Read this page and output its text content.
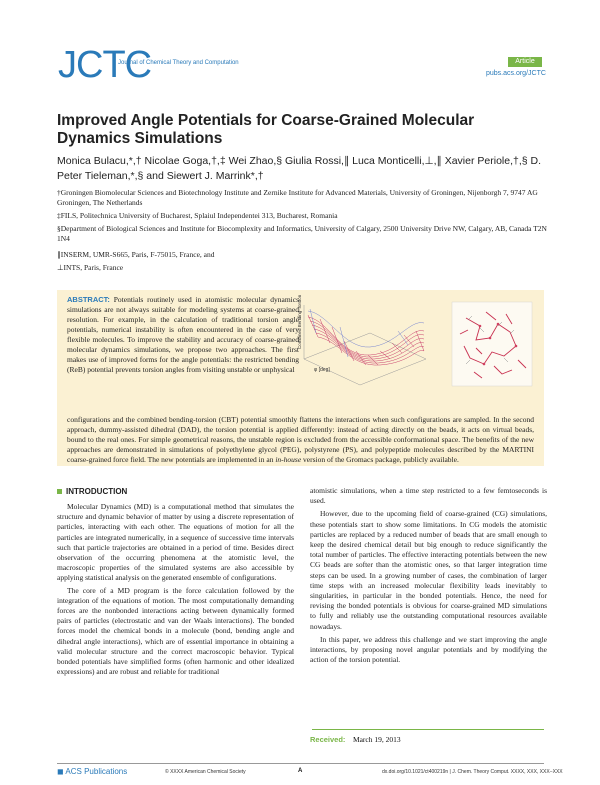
JCTC
Journal of Chemical Theory and Computation	Article
pubs.acs.org/JCTC
Improved Angle Potentials for Coarse-Grained Molecular Dynamics Simulations
Monica Bulacu,*,† Nicolae Goga,†,‡ Wei Zhao,§ Giulia Rossi,∥ Luca Monticelli,⊥,∥ Xavier Periole,†,§ D. Peter Tieleman,*,§ and Siewert J. Marrink*,†
†Groningen Biomolecular Sciences and Biotechnology Institute and Zernike Institute for Advanced Materials, University of Groningen, Nijenborgh 7, 9747 AG Groningen, The Netherlands
‡FILS, Politechnica University of Bucharest, Splaiul Independentei 313, Bucharest, Romania
§Department of Biological Sciences and Institute for Biocomplexity and Informatics, University of Calgary, 2500 University Drive NW, Calgary, AB, Canada T2N 1N4
∥INSERM, UMR-S665, Paris, F-75015, France, and
⊥INTS, Paris, France
ABSTRACT: Potentials routinely used in atomistic molecular dynamics simulations are not always suitable for modeling systems at coarse-grained resolution. For example, in the calculation of traditional torsion angle potentials, numerical instability is often encountered in the case of very flexible molecules. To improve the stability and accuracy of coarse-grained molecular dynamics simulations, we propose two approaches. The first makes use of improved forms for the angle potentials: the restricted bending (ReB) potential prevents torsion angles from visiting unstable or unphysical
configurations and the combined bending-torsion (CBT) potential smoothly flattens the interactions when such configurations are sampled. In the second approach, dummy-assisted dihedral (DAD), the torsion potential is applied differently: instead of acting directly on the beads, it acts on virtual beads, bound to the real ones. For simple geometrical reasons, the unstable region is excluded from the accessible conformational space. The benefits of the new approaches are demonstrated in simulations of polyethylene glycol (PEG), polystyrene (PS), and polypeptide molecules described by the MARTINI coarse-grained force field. The new potentials are implemented in an in-house version of the Gromacs package, publicly available.
Combined Bending-Torsion
φ [deg]
INTRODUCTION

Molecular Dynamics (MD) is a computational method that simulates the structure and dynamic behavior of matter by using a discrete representation of particles, interacting with each other. The equations of motion for all the particles are integrated numerically, in a sequence of successive time intervals such that particle trajectories are obtained in a period of time. Besides direct observation of the occurring phenomena at the atomistic level, the macroscopic properties of the simulated systems are also accessible by applying statistical analysis on the generated ensemble of configurations.

The core of a MD program is the force calculation followed by the integration of the equations of motion. The most computationally demanding forces are the nonbonded interactions acting between dynamically formed pairs of particles (electrostatic and van der Waals interactions). The bonded forces model the chemical bonds in a molecule (bond, bending angle and dihedral angle interactions), which are of essential importance in obtaining a valid molecular structure and the correct macroscopic behavior. Typical bonded potentials have simplified forms (often harmonic and other idealized expressions) and are robust and reliable for traditional

atomistic simulations, when a time step restricted to a few femtoseconds is used.

However, due to the upcoming field of coarse-grained (CG) simulations, these potentials start to show some limitations. In CG models the atomistic particles are replaced by a reduced number of beads that are small enough to keep the desired chemical detail but big enough to reduce significantly the total number of particles. The effective interacting potentials between the new CG beads are softer than the atomistic ones, so that larger integration time steps can be used. In a growing number of cases, the combination of larger time steps with an increased molecular flexibility leads inevitably to singularities, in particular in the bonded potentials. Hence, the need for revising the bonded potentials is obvious for coarse-grained MD simulations to fully and reliably use the outstanding computational resources available nowadays.

In this paper, we address this challenge and we start improving the angle interactions, by proposing novel angular potentials and by modifying the action of the torsion potential.

Received: March 19, 2013
◼ ACS Publications	© XXXX American Chemical Society	A	dx.doi.org/10.1021/ct400219n | J. Chem. Theory Comput. XXXX, XXX, XXX−XXX
